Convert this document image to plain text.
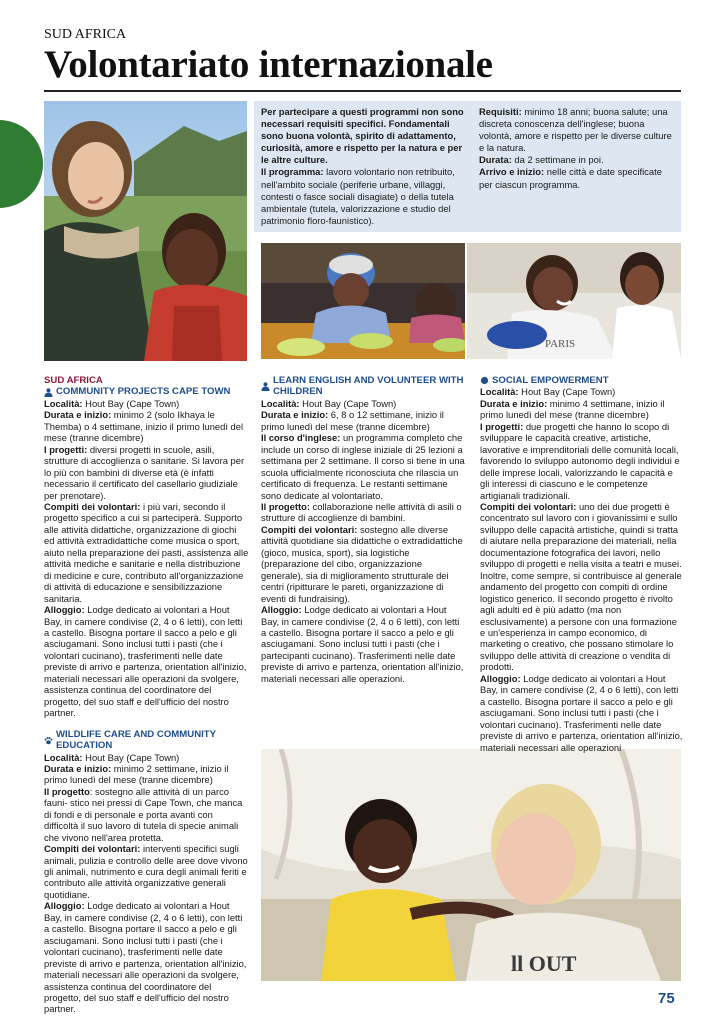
SUD AFRICA
Volontariato internazionale
Per partecipare a questi programmi non sono necessari requisiti specifici. Fondamentali sono buona volontà, spirito di adattamento, curiosità, amore e rispetto per la natura e per le altre culture.
Il programma: lavoro volontario non retribuito, nell'ambito sociale (periferie urbane, villaggi, contesti o fasce sociali disagiate) o della tutela ambientale (tutela, valorizzazione e studio del patrimonio floro-faunistico).
Requisiti: minimo 18 anni; buona salute; una discreta conoscenza dell'inglese; buona volontà, amore e rispetto per le diverse culture e la natura.
Durata: da 2 settimane in poi.
Arrivo e inizio: nelle città e date specificate per ciascun programma.
PARIS
ll OUT
SUD AFRICA
COMMUNITY PROJECTS CAPE TOWN

Località: Hout Bay (Cape Town)

Durata e inizio: minimo 2 (solo Ikhaya le Themba) o 4 settimane, inizio il primo lunedì del mese (tranne dicembre)

I progetti: diversi progetti in scuole, asili, strutture di accoglienza o sanitarie. Si lavora per lo più con bambini di diverse età (è infatti necessario il certificato del casellario giudiziale per prenotare).

Compiti dei volontari: i più vari, secondo il progetto specifico a cui si parteciperà. Supporto alle attività didattiche, organizzazione di giochi ed attività extradidattiche come musica o sport, aiuto nella preparazione dei pasti, assistenza alle attività mediche e sanitarie e nella distribuzione di medicine e cure, contributo all'organizzazione di attività di educazione e sensibilizzazione sanitaria.

Alloggio: Lodge dedicato ai volontari a Hout Bay, in camere condivise (2, 4 o 6 letti), con letti a castello. Bisogna portare il sacco a pelo e gli asciugamani. Sono inclusi tutti i pasti (che i volontari cucinano), trasferimenti nelle date previste di arrivo e partenza, orientation all'inizio, materiali necessari alle operazioni da svolgere, assistenza continua del coordinatore del progetto, del suo staff e dell'ufficio del nostro partner.

WILDLIFE CARE AND COMMUNITY EDUCATION

Località: Hout Bay (Cape Town)

Durata e inizio: minimo 2 settimane, inizio il primo lunedì del mese (tranne dicembre)

Il progetto: sostegno alle attività di un parco fauni- stico nei pressi di Cape Town, che manca di fondi e di personale e porta avanti con difficoltà il suo lavoro di tutela di specie animali che vivono nell'area protetta.

Compiti dei volontari: interventi specifici sugli animali, pulizia e controllo delle aree dove vivono gli animali, nutrimento e cura degli animali feriti e contributo alle attività organizzative generali quotidiane.

Alloggio: Lodge dedicato ai volontari a Hout Bay, in camere condivise (2, 4 o 6 letti), con letti a castello. Bisogna portare il sacco a pelo e gli asciugamani. Sono inclusi tutti i pasti (che i volontari cucinano), trasferimenti nelle date previste di arrivo e partenza, orientation all'inizio, materiali necessari alle operazioni da svolgere, assistenza continua del coordinatore del progetto, del suo staff e dell'ufficio del nostro partner.

LEARN ENGLISH AND VOLUNTEER WITH CHILDREN

Località: Hout Bay (Cape Town)

Durata e inizio: 6, 8 o 12 settimane, inizio il primo lunedì del mese (tranne dicembre)

Il corso d'inglese: un programma completo che include un corso di inglese iniziale di 25 lezioni a settimana per 2 settimane. Il corso si tiene in una scuola ufficialmente riconosciuta che rilascia un certificato di frequenza. Le restanti settimane sono dedicate al volontariato.

Il progetto: collaborazione nelle attività di asili o strutture di accoglienze di bambini.

Compiti dei volontari: sostegno alle diverse attività quotidiane sia didattiche o extradidattiche (gioco, musica, sport), sia logistiche (preparazione del cibo, organizzazione generale), sia di miglioramento strutturale dei centri (ripitturare le pareti, organizzazione di eventi di fundraising).

Alloggio: Lodge dedicato ai volontari a Hout Bay, in camere condivise (2, 4 o 6 letti), con letti a castello. Bisogna portare il sacco a pelo e gli asciugamani. Sono inclusi tutti i pasti (che i partecipanti cucinano). Trasferimenti nelle date previste di arrivo e partenza, orientation all'inizio, materiali necessari alle operazioni.

SOCIAL EMPOWERMENT

Località: Hout Bay (Cape Town)

Durata e inizio: minimo 4 settimane, inizio il primo lunedì del mese (tranne dicembre)

I progetti: due progetti che hanno lo scopo di sviluppare le capacità creative, artistiche, lavorative e imprenditoriali delle comunità locali, favorendo lo sviluppo autonomo degli individui e delle imprese locali, valorizzando le capacità e gli interessi di ciascuno e le competenze artigianali tradizionali.

Compiti dei volontari: uno dei due progetti è concentrato sul lavoro con i giovanissimi e sullo sviluppo delle capacità artistiche, quindi si tratta di aiutare nella preparazione dei materiali, nella documentazione fotografica dei lavori, nello sviluppo di progetti e nella visita a teatri e musei. Inoltre, come sempre, si contribuisce al generale andamento del progetto con compiti di ordine logistico generico. Il secondo progetto è rivolto agli adulti ed è più adatto (ma non esclusivamente) a persone con una formazione e un'esperienza in campo economico, di marketing o creativo, che possano stimolare lo sviluppo delle attività di creazione o vendita di prodotti.

Alloggio: Lodge dedicato ai volontari a Hout Bay, in camere condivise (2, 4 o 6 letti), con letti a castello. Bisogna portare il sacco a pelo e gli asciugamani. Sono inclusi tutti i pasti (che i volontari cucinano). Trasferimenti nelle date previste di arrivo e partenza, orientation all'inizio, materiali necessari alle operazioni

75
